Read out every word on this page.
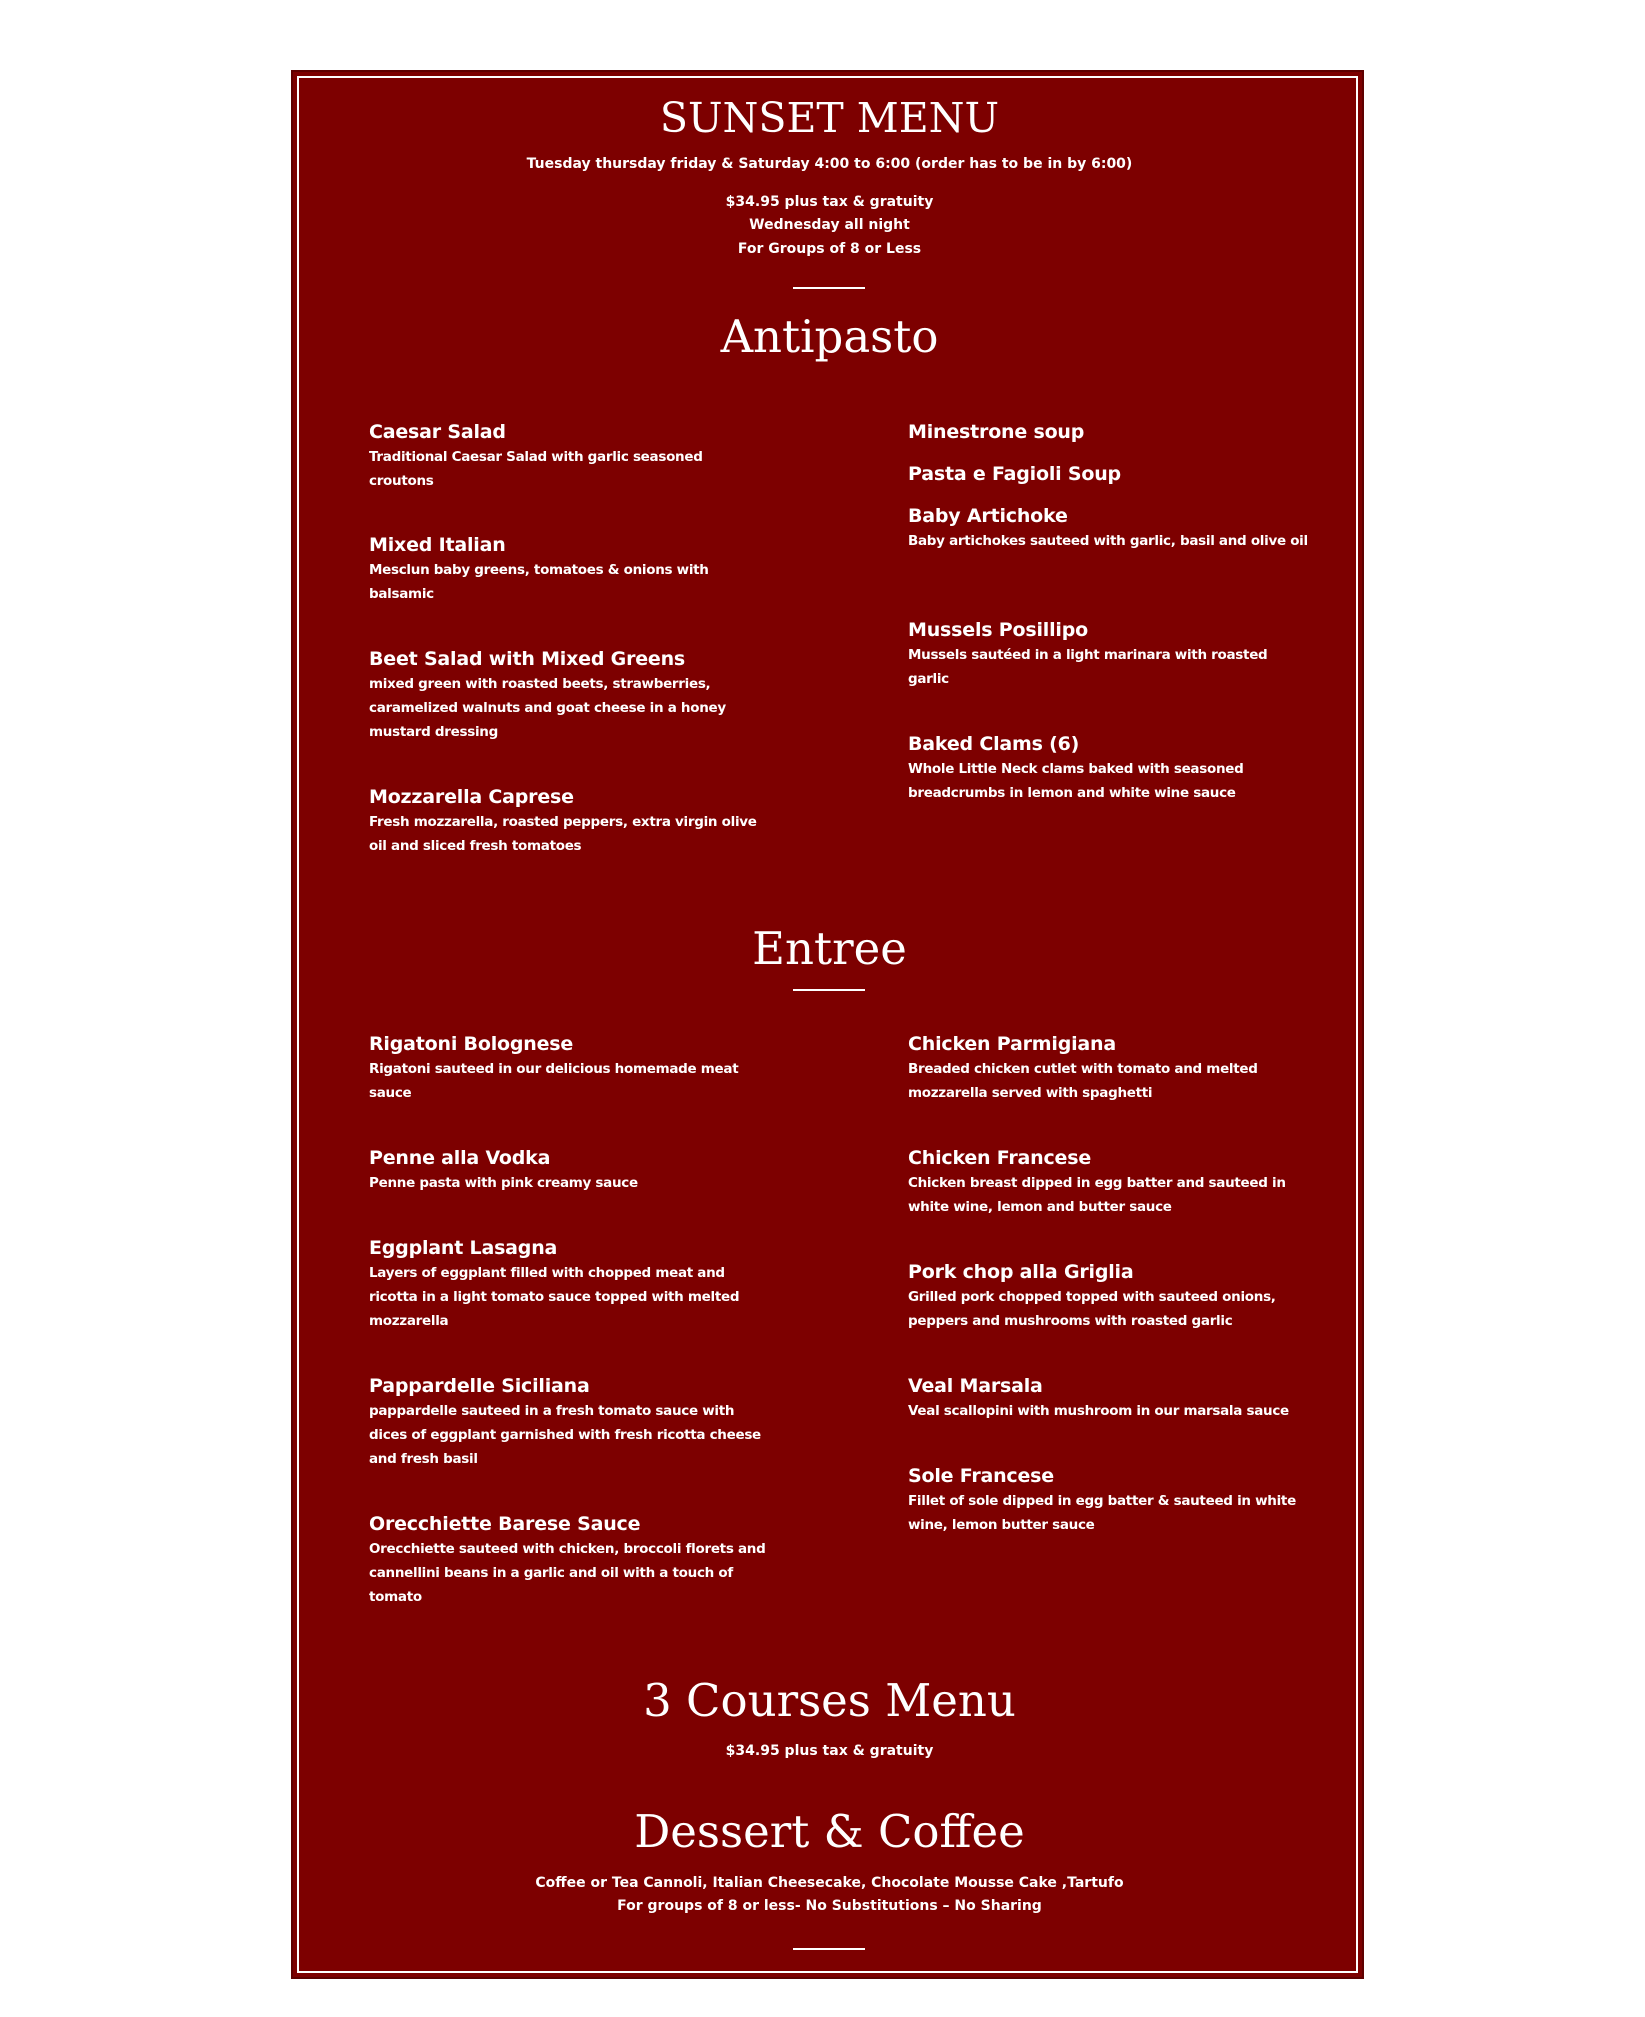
SUNSET MENU
Tuesday thursday friday & Saturday 4:00 to 6:00 (order has to be in by 6:00)
$34.95 plus tax & gratuity
Wednesday all night
For Groups of 8 or Less
Antipasto
Caesar Salad
Traditional Caesar Salad with garlic seasoned croutons
Mixed Italian
Mesclun baby greens, tomatoes & onions with balsamic
Beet Salad with Mixed Greens
mixed green with roasted beets, strawberries, caramelized walnuts and goat cheese in a honey mustard dressing
Mozzarella Caprese
Fresh mozzarella, roasted peppers, extra virgin olive oil and sliced fresh tomatoes
Minestrone soup
Pasta e Fagioli Soup
Baby Artichoke
Baby artichokes sauteed with garlic, basil and olive oil
Mussels Posillipo
Mussels sautéed in a light marinara with roasted garlic
Baked Clams (6)
Whole Little Neck clams baked with seasoned breadcrumbs in lemon and white wine sauce
Entree
Rigatoni Bolognese
Rigatoni sauteed in our delicious homemade meat sauce
Penne alla Vodka
Penne pasta with pink creamy sauce
Eggplant Lasagna
Layers of eggplant filled with chopped meat and ricotta in a light tomato sauce topped with melted mozzarella
Pappardelle Siciliana
pappardelle sauteed in a fresh tomato sauce with dices of eggplant garnished with fresh ricotta cheese and fresh basil
Orecchiette Barese Sauce
Orecchiette sauteed with chicken, broccoli florets and cannellini beans in a garlic and oil with a touch of tomato
Chicken Parmigiana
Breaded chicken cutlet with tomato and melted mozzarella served with spaghetti
Chicken Francese
Chicken breast dipped in egg batter and sauteed in white wine, lemon and butter sauce
Pork chop alla Griglia
Grilled pork chopped topped with sauteed onions, peppers and mushrooms with roasted garlic
Veal Marsala
Veal scallopini with mushroom in our marsala sauce
Sole Francese
Fillet of sole dipped in egg batter & sauteed in white wine, lemon butter sauce
3 Courses Menu
$34.95 plus tax & gratuity
Dessert & Coffee
Coffee or Tea Cannoli, Italian Cheesecake, Chocolate Mousse Cake ,Tartufo
For groups of 8 or less- No Substitutions – No Sharing
